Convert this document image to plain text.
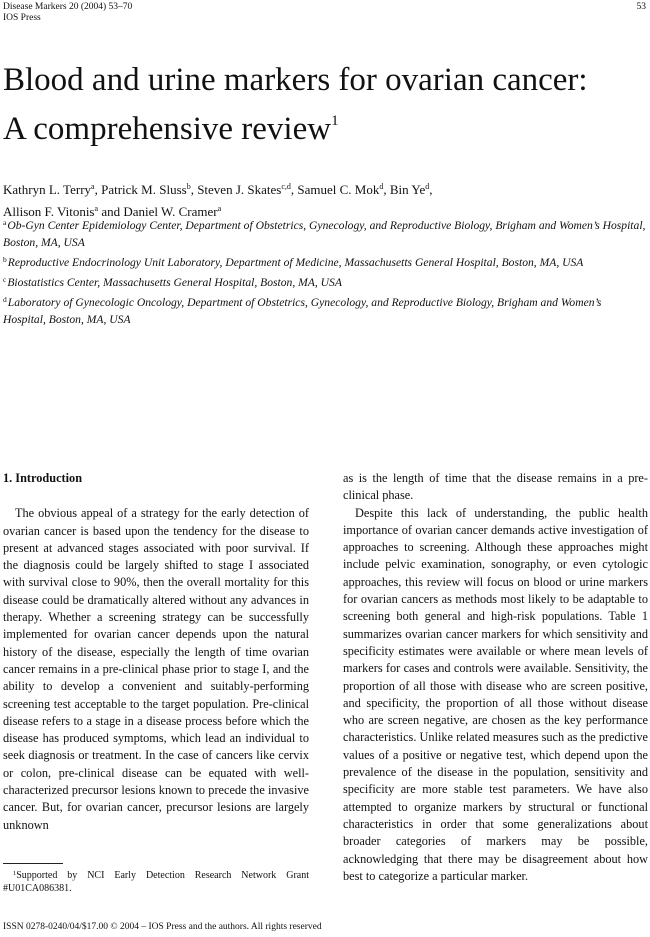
Disease Markers 20 (2004) 53–70
IOS Press
53
Blood and urine markers for ovarian cancer:
A comprehensive review$^1$
Kathryn L. Terry$^a$, Patrick M. Sluss$^b$, Steven J. Skates$^{c,d}$, Samuel C. Mok$^d$, Bin Ye$^d$,
Allison F. Vitonis$^a$ and Daniel W. Cramer$^a$
$^a$Ob-Gyn Center Epidemiology Center, Department of Obstetrics, Gynecology, and Reproductive Biology, Brigham and Women’s Hospital, Boston, MA, USA
$^b$Reproductive Endocrinology Unit Laboratory, Department of Medicine, Massachusetts General Hospital, Boston, MA, USA
$^c$Biostatistics Center, Massachusetts General Hospital, Boston, MA, USA
$^d$Laboratory of Gynecologic Oncology, Department of Obstetrics, Gynecology, and Reproductive Biology, Brigham and Women’s Hospital, Boston, MA, USA
1. Introduction

The obvious appeal of a strategy for the early detection of ovarian cancer is based upon the tendency for the disease to present at advanced stages associated with poor survival. If the diagnosis could be largely shifted to stage I associated with survival close to 90%, then the overall mortality for this disease could be dramatically altered without any advances in therapy. Whether a screening strategy can be successfully implemented for ovarian cancer depends upon the natural history of the disease, especially the length of time ovarian cancer remains in a pre-clinical phase prior to stage I, and the ability to develop a convenient and suitably-performing screening test acceptable to the target population. Pre-clinical disease refers to a stage in a disease process before which the disease has produced symptoms, which lead an individual to seek diagnosis or treatment. In the case of cancers like cervix or colon, pre-clinical disease can be equated with well-characterized precursor lesions known to precede the invasive cancer. But, for ovarian cancer, precursor lesions are largely unknown

as is the length of time that the disease remains in a pre-clinical phase.

Despite this lack of understanding, the public health importance of ovarian cancer demands active investigation of approaches to screening. Although these approaches might include pelvic examination, sonography, or even cytologic approaches, this review will focus on blood or urine markers for ovarian cancers as methods most likely to be adaptable to screening both general and high-risk populations. Table 1 summarizes ovarian cancer markers for which sensitivity and specificity estimates were available or where mean levels of markers for cases and controls were available. Sensitivity, the proportion of all those with disease who are screen positive, and specificity, the proportion of all those without disease who are screen negative, are chosen as the key performance characteristics. Unlike related measures such as the predictive values of a positive or negative test, which depend upon the prevalence of the disease in the population, sensitivity and specificity are more stable test parameters. We have also attempted to organize markers by structural or functional characteristics in order that some generalizations about broader categories of markers may be possible, acknowledging that there may be disagreement about how best to categorize a particular marker.

$^1$Supported by NCI Early Detection Research Network Grant #U01CA086381.
ISSN 0278-0240/04/$17.00 © 2004 – IOS Press and the authors. All rights reserved
